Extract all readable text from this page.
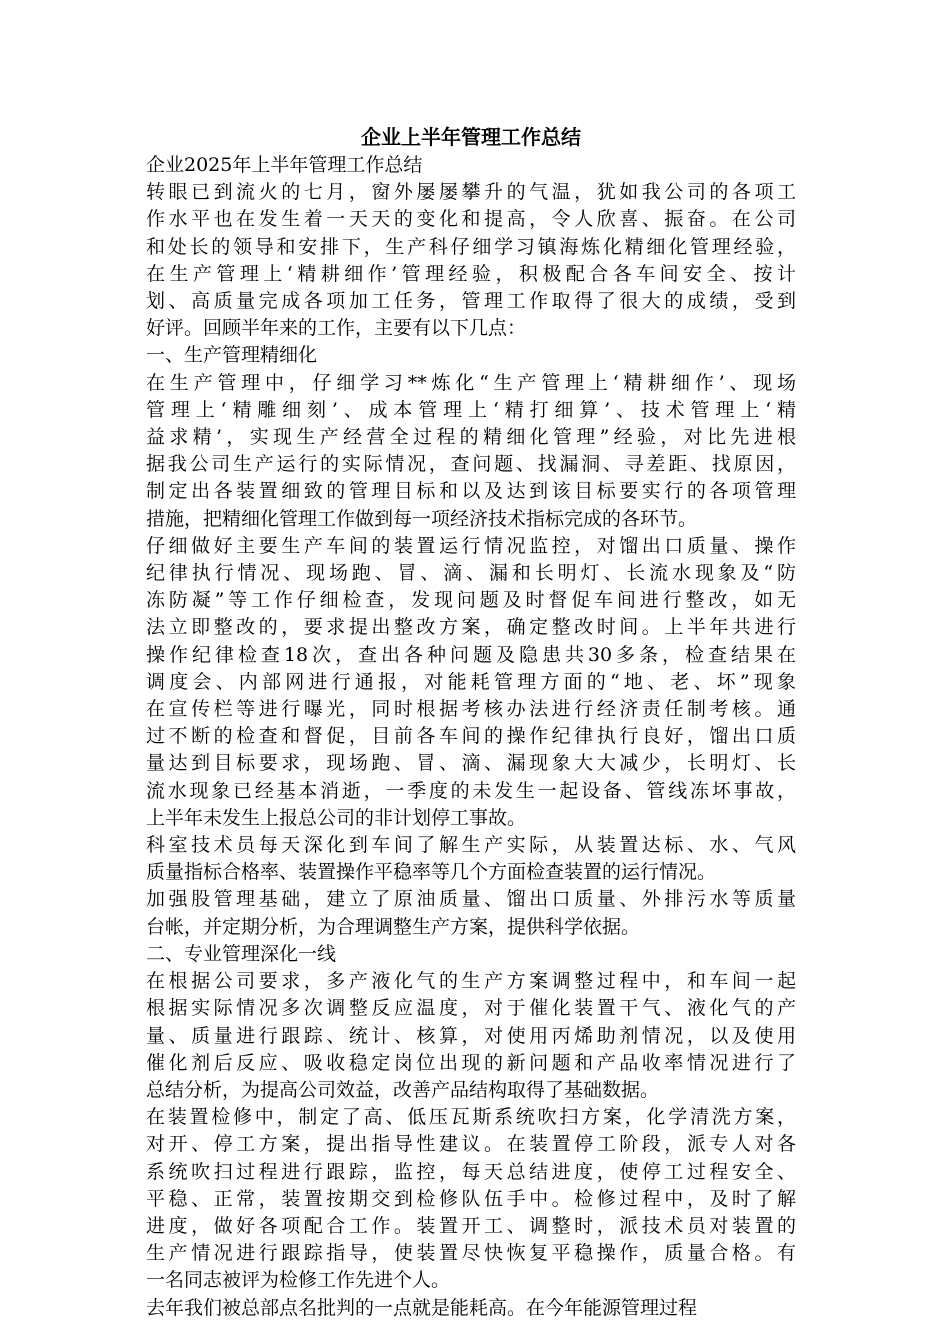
企业上半年管理工作总结
企业2025年上半年管理工作总结
转眼已到流火的七月，窗外屡屡攀升的气温，犹如我公司的各项工
作水平也在发生着一天天的变化和提高，令人欣喜、振奋。在公司
和处长的领导和安排下，生产科仔细学习镇海炼化精细化管理经验，
在生产管理上‘精耕细作’管理经验，积极配合各车间安全、按计
划、高质量完成各项加工任务，管理工作取得了很大的成绩，受到
好评。回顾半年来的工作，主要有以下几点：
一、生产管理精细化
在生产管理中，仔细学习**炼化“生产管理上‘精耕细作’、现场
管理上‘精雕细刻’、成本管理上‘精打细算’、技术管理上‘精
益求精’，实现生产经营全过程的精细化管理”经验，对比先进根
据我公司生产运行的实际情况，查问题、找漏洞、寻差距、找原因，
制定出各装置细致的管理目标和以及达到该目标要实行的各项管理
措施，把精细化管理工作做到每一项经济技术指标完成的各环节。
仔细做好主要生产车间的装置运行情况监控，对馏出口质量、操作
纪律执行情况、现场跑、冒、滴、漏和长明灯、长流水现象及“防
冻防凝”等工作仔细检查，发现问题及时督促车间进行整改，如无
法立即整改的，要求提出整改方案，确定整改时间。上半年共进行
操作纪律检查18次，查出各种问题及隐患共30多条，检查结果在
调度会、内部网进行通报，对能耗管理方面的“地、老、坏”现象
在宣传栏等进行曝光，同时根据考核办法进行经济责任制考核。通
过不断的检查和督促，目前各车间的操作纪律执行良好，馏出口质
量达到目标要求，现场跑、冒、滴、漏现象大大减少，长明灯、长
流水现象已经基本消逝，一季度的未发生一起设备、管线冻坏事故，
上半年未发生上报总公司的非计划停工事故。
科室技术员每天深化到车间了解生产实际，从装置达标、水、气风
质量指标合格率、装置操作平稳率等几个方面检查装置的运行情况。
加强股管理基础，建立了原油质量、馏出口质量、外排污水等质量
台帐，并定期分析，为合理调整生产方案，提供科学依据。
二、专业管理深化一线
在根据公司要求，多产液化气的生产方案调整过程中，和车间一起
根据实际情况多次调整反应温度，对于催化装置干气、液化气的产
量、质量进行跟踪、统计、核算，对使用丙烯助剂情况，以及使用
催化剂后反应、吸收稳定岗位出现的新问题和产品收率情况进行了
总结分析，为提高公司效益，改善产品结构取得了基础数据。
在装置检修中，制定了高、低压瓦斯系统吹扫方案，化学清洗方案，
对开、停工方案，提出指导性建议。在装置停工阶段，派专人对各
系统吹扫过程进行跟踪，监控，每天总结进度，使停工过程安全、
平稳、正常，装置按期交到检修队伍手中。检修过程中，及时了解
进度，做好各项配合工作。装置开工、调整时，派技术员对装置的
生产情况进行跟踪指导，使装置尽快恢复平稳操作，质量合格。有
一名同志被评为检修工作先进个人。
去年我们被总部点名批判的一点就是能耗高。在今年能源管理过程
